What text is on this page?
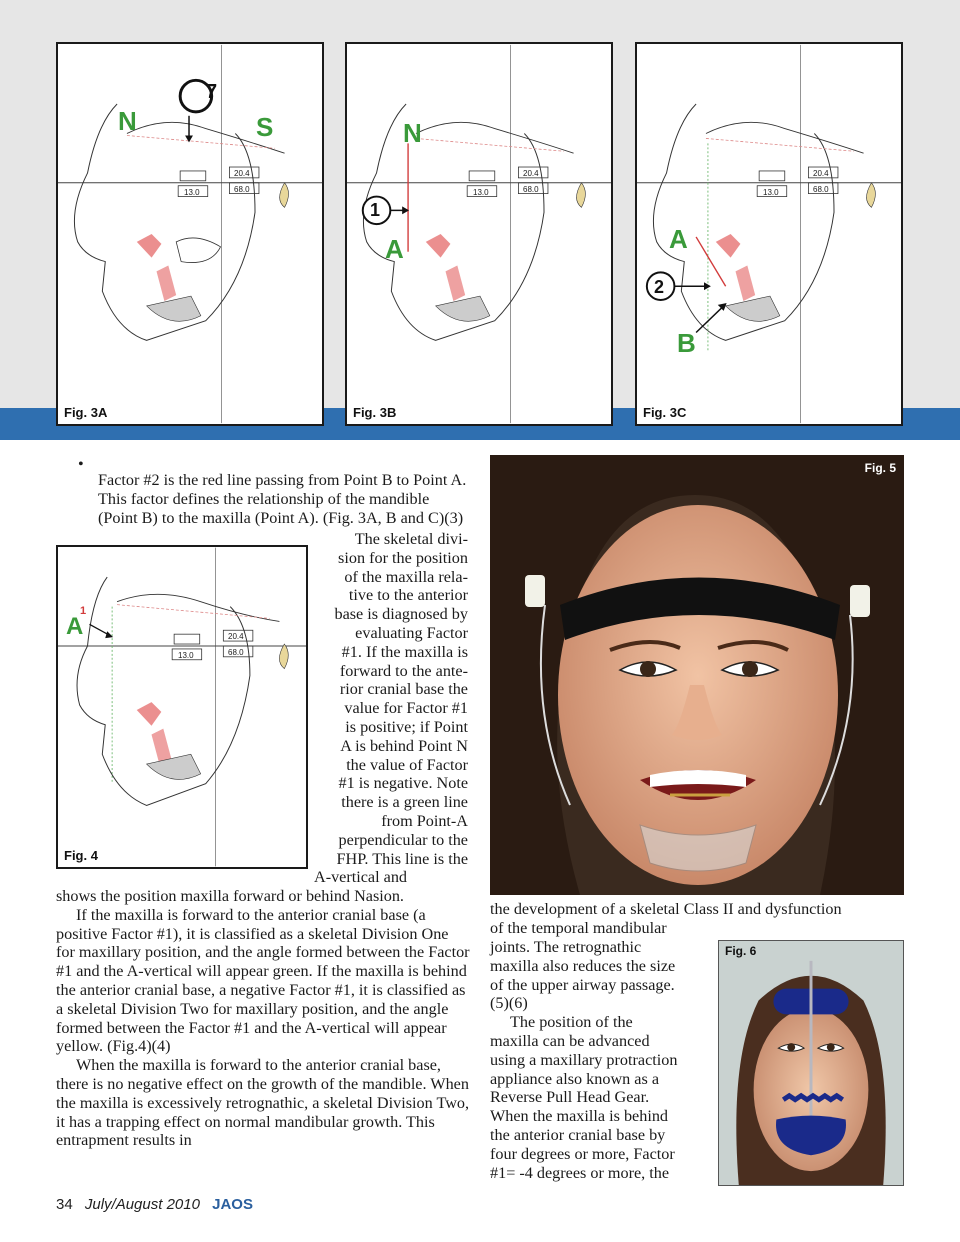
7
N	S
20.4
13.0	68.0
Fig. 3A
1
N
A
20.4
13.0	68.0
Fig. 3B
2
A
B
20.4
13.0	68.0
Fig. 3C
•

Factor #2 is the red line passing from Point B to Point A. This factor defines the relationship of the mandible (Point B) to the maxilla (Point A). (Fig. 3A, B and C)(3)

A
1
20.4
13.0	68.0
Fig. 4

The skeletal divi-

sion for the position

of the maxilla rela-

tive to the anterior

base is diagnosed by

evaluating Factor

#1. If the maxilla is

forward to the ante-

rior cranial base the

value for Factor #1

is positive; if Point

A is behind Point N

the value of Factor

#1 is negative. Note

there is a green line

from Point-A

perpendicular to the

FHP. This line is the

A-vertical and

shows the position maxilla forward or behind Nasion.

If the maxilla is forward to the anterior cranial base (a positive Factor #1), it is classified as a skeletal Division One for maxillary position, and the angle formed between the Factor #1 and the A-vertical will appear green. If the maxilla is behind the anterior cranial base, a negative Factor #1, it is classified as a skeletal Division Two for maxillary position, and the angle formed between the Factor #1 and the A-vertical will appear yellow. (Fig.4)(4)

When the maxilla is forward to the anterior cranial base, there is no negative effect on the growth of the mandible. When the maxilla is excessively retrognathic, a skeletal Division Two, it has a trapping effect on normal mandibular growth. This entrapment results in

Fig. 5

the development of a skeletal Class II and dysfunction

of the temporal mandibular

joints. The retrognathic

maxilla also reduces the size

of the upper airway passage.

(5)(6)

The position of the

maxilla can be advanced

using a maxillary protraction

appliance also known as a

Reverse Pull Head Gear.

When the maxilla is behind

the anterior cranial base by

four degrees or more, Factor

#1= -4 degrees or more, the

Fig. 6
34 July/August 2010 JAOS
